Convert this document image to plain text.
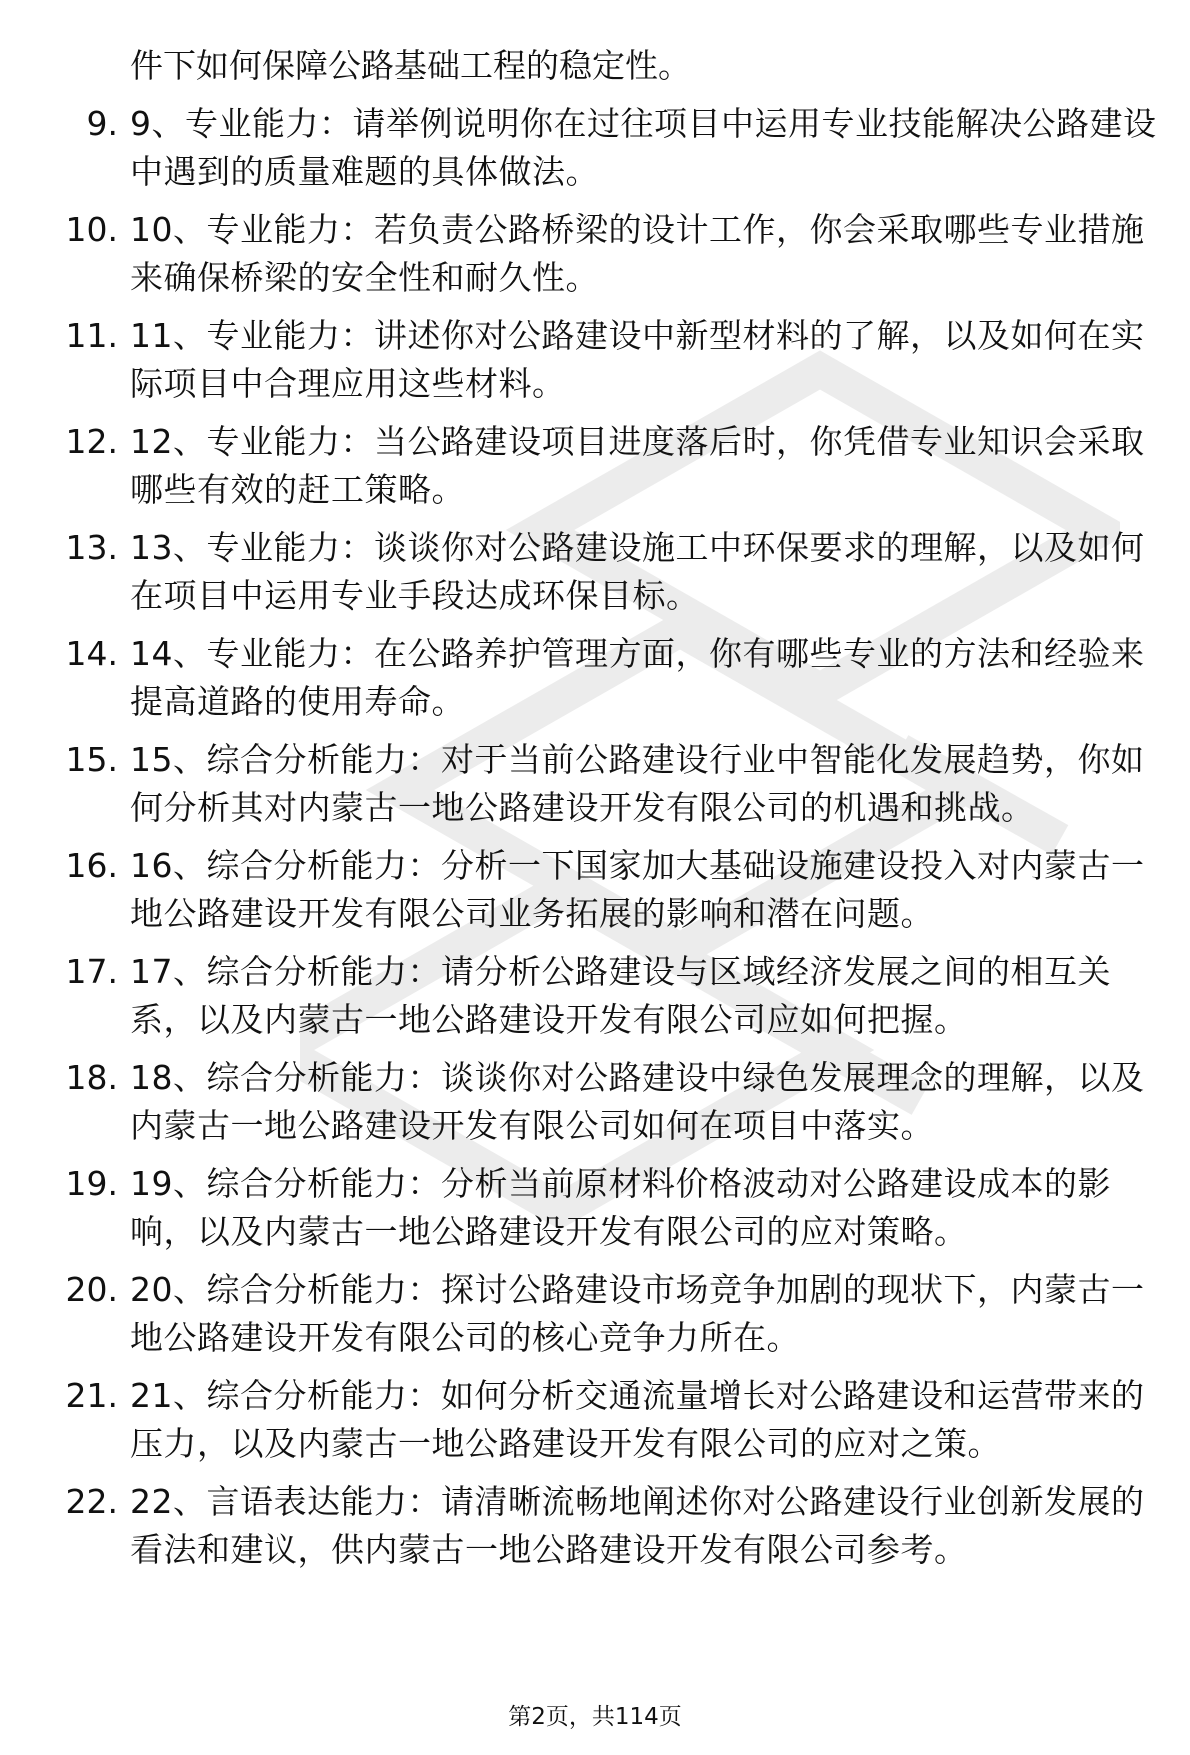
件下如何保障公路基础工程的稳定性。
9. 9、专业能力：请举例说明你在过往项目中运用专业技能解决公路建设中遇到的质量难题的具体做法。
10. 10、专业能力：若负责公路桥梁的设计工作，你会采取哪些专业措施来确保桥梁的安全性和耐久性。
11. 11、专业能力：讲述你对公路建设中新型材料的了解，以及如何在实际项目中合理应用这些材料。
12. 12、专业能力：当公路建设项目进度落后时，你凭借专业知识会采取哪些有效的赶工策略。
13. 13、专业能力：谈谈你对公路建设施工中环保要求的理解，以及如何在项目中运用专业手段达成环保目标。
14. 14、专业能力：在公路养护管理方面，你有哪些专业的方法和经验来提高道路的使用寿命。
15. 15、综合分析能力：对于当前公路建设行业中智能化发展趋势，你如何分析其对内蒙古一地公路建设开发有限公司的机遇和挑战。
16. 16、综合分析能力：分析一下国家加大基础设施建设投入对内蒙古一地公路建设开发有限公司业务拓展的影响和潜在问题。
17. 17、综合分析能力：请分析公路建设与区域经济发展之间的相互关系，以及内蒙古一地公路建设开发有限公司应如何把握。
18. 18、综合分析能力：谈谈你对公路建设中绿色发展理念的理解，以及内蒙古一地公路建设开发有限公司如何在项目中落实。
19. 19、综合分析能力：分析当前原材料价格波动对公路建设成本的影响，以及内蒙古一地公路建设开发有限公司的应对策略。
20. 20、综合分析能力：探讨公路建设市场竞争加剧的现状下，内蒙古一地公路建设开发有限公司的核心竞争力所在。
21. 21、综合分析能力：如何分析交通流量增长对公路建设和运营带来的压力，以及内蒙古一地公路建设开发有限公司的应对之策。
22. 22、言语表达能力：请清晰流畅地阐述你对公路建设行业创新发展的看法和建议，供内蒙古一地公路建设开发有限公司参考。
第2页，共114页
